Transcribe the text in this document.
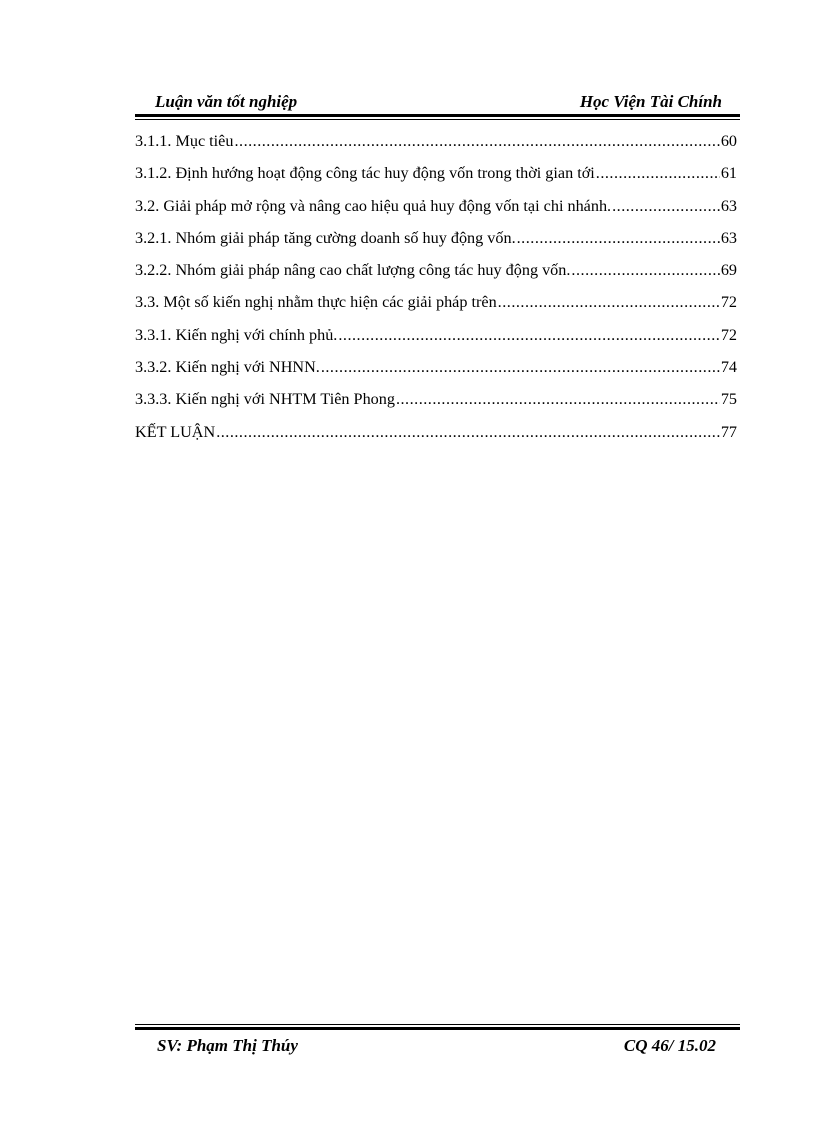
Luận văn tốt nghiệp	Học Viện Tài Chính
3.1.1. Mục tiêu .....	60
3.1.2. Định hướng hoạt động công tác huy động vốn trong thời gian tới .....	61
3.2. Giải pháp mở rộng và nâng cao hiệu quả huy động vốn tại chi nhánh. .....	63
3.2.1. Nhóm giải pháp tăng cường doanh số huy động vốn. .....	63
3.2.2. Nhóm giải pháp nâng cao chất lượng công tác huy động vốn. .....	69
3.3. Một số kiến nghị nhằm thực hiện các giải pháp trên .....	72
3.3.1. Kiến nghị với chính phủ. .....	72
3.3.2. Kiến nghị với NHNN. .....	74
3.3.3. Kiến nghị với NHTM Tiên Phong .....	75
KẾT LUẬN .....	77
SV: Phạm Thị Thúy	CQ 46/ 15.02
